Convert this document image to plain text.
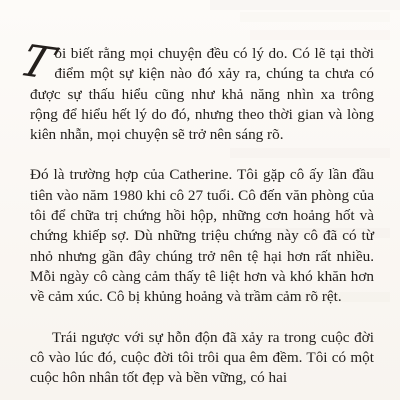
T
ôi biết rằng mọi chuyện đều có lý do. Có lẽ tại thời điểm một sự kiện nào đó xảy ra, chúng ta chưa có được sự thấu hiểu cũng như khả năng nhìn xa trông rộng để hiểu hết lý do đó, nhưng theo thời gian và lòng kiên nhẫn, mọi chuyện sẽ trở nên sáng rõ.

Đó là trường hợp của Catherine. Tôi gặp cô ấy lần đầu tiên vào năm 1980 khi cô 27 tuổi. Cô đến văn phòng của tôi để chữa trị chứng hồi hộp, những cơn hoảng hốt và chứng khiếp sợ. Dù những triệu chứng này cô đã có từ nhỏ nhưng gần đây chúng trở nên tệ hại hơn rất nhiều. Mỗi ngày cô càng cảm thấy tê liệt hơn và khó khăn hơn về cảm xúc. Cô bị khủng hoảng và trầm cảm rõ rệt.

Trái ngược với sự hỗn độn đã xảy ra trong cuộc đời cô vào lúc đó, cuộc đời tôi trôi qua êm đềm. Tôi có một cuộc hôn nhân tốt đẹp và bền vững, có hai
